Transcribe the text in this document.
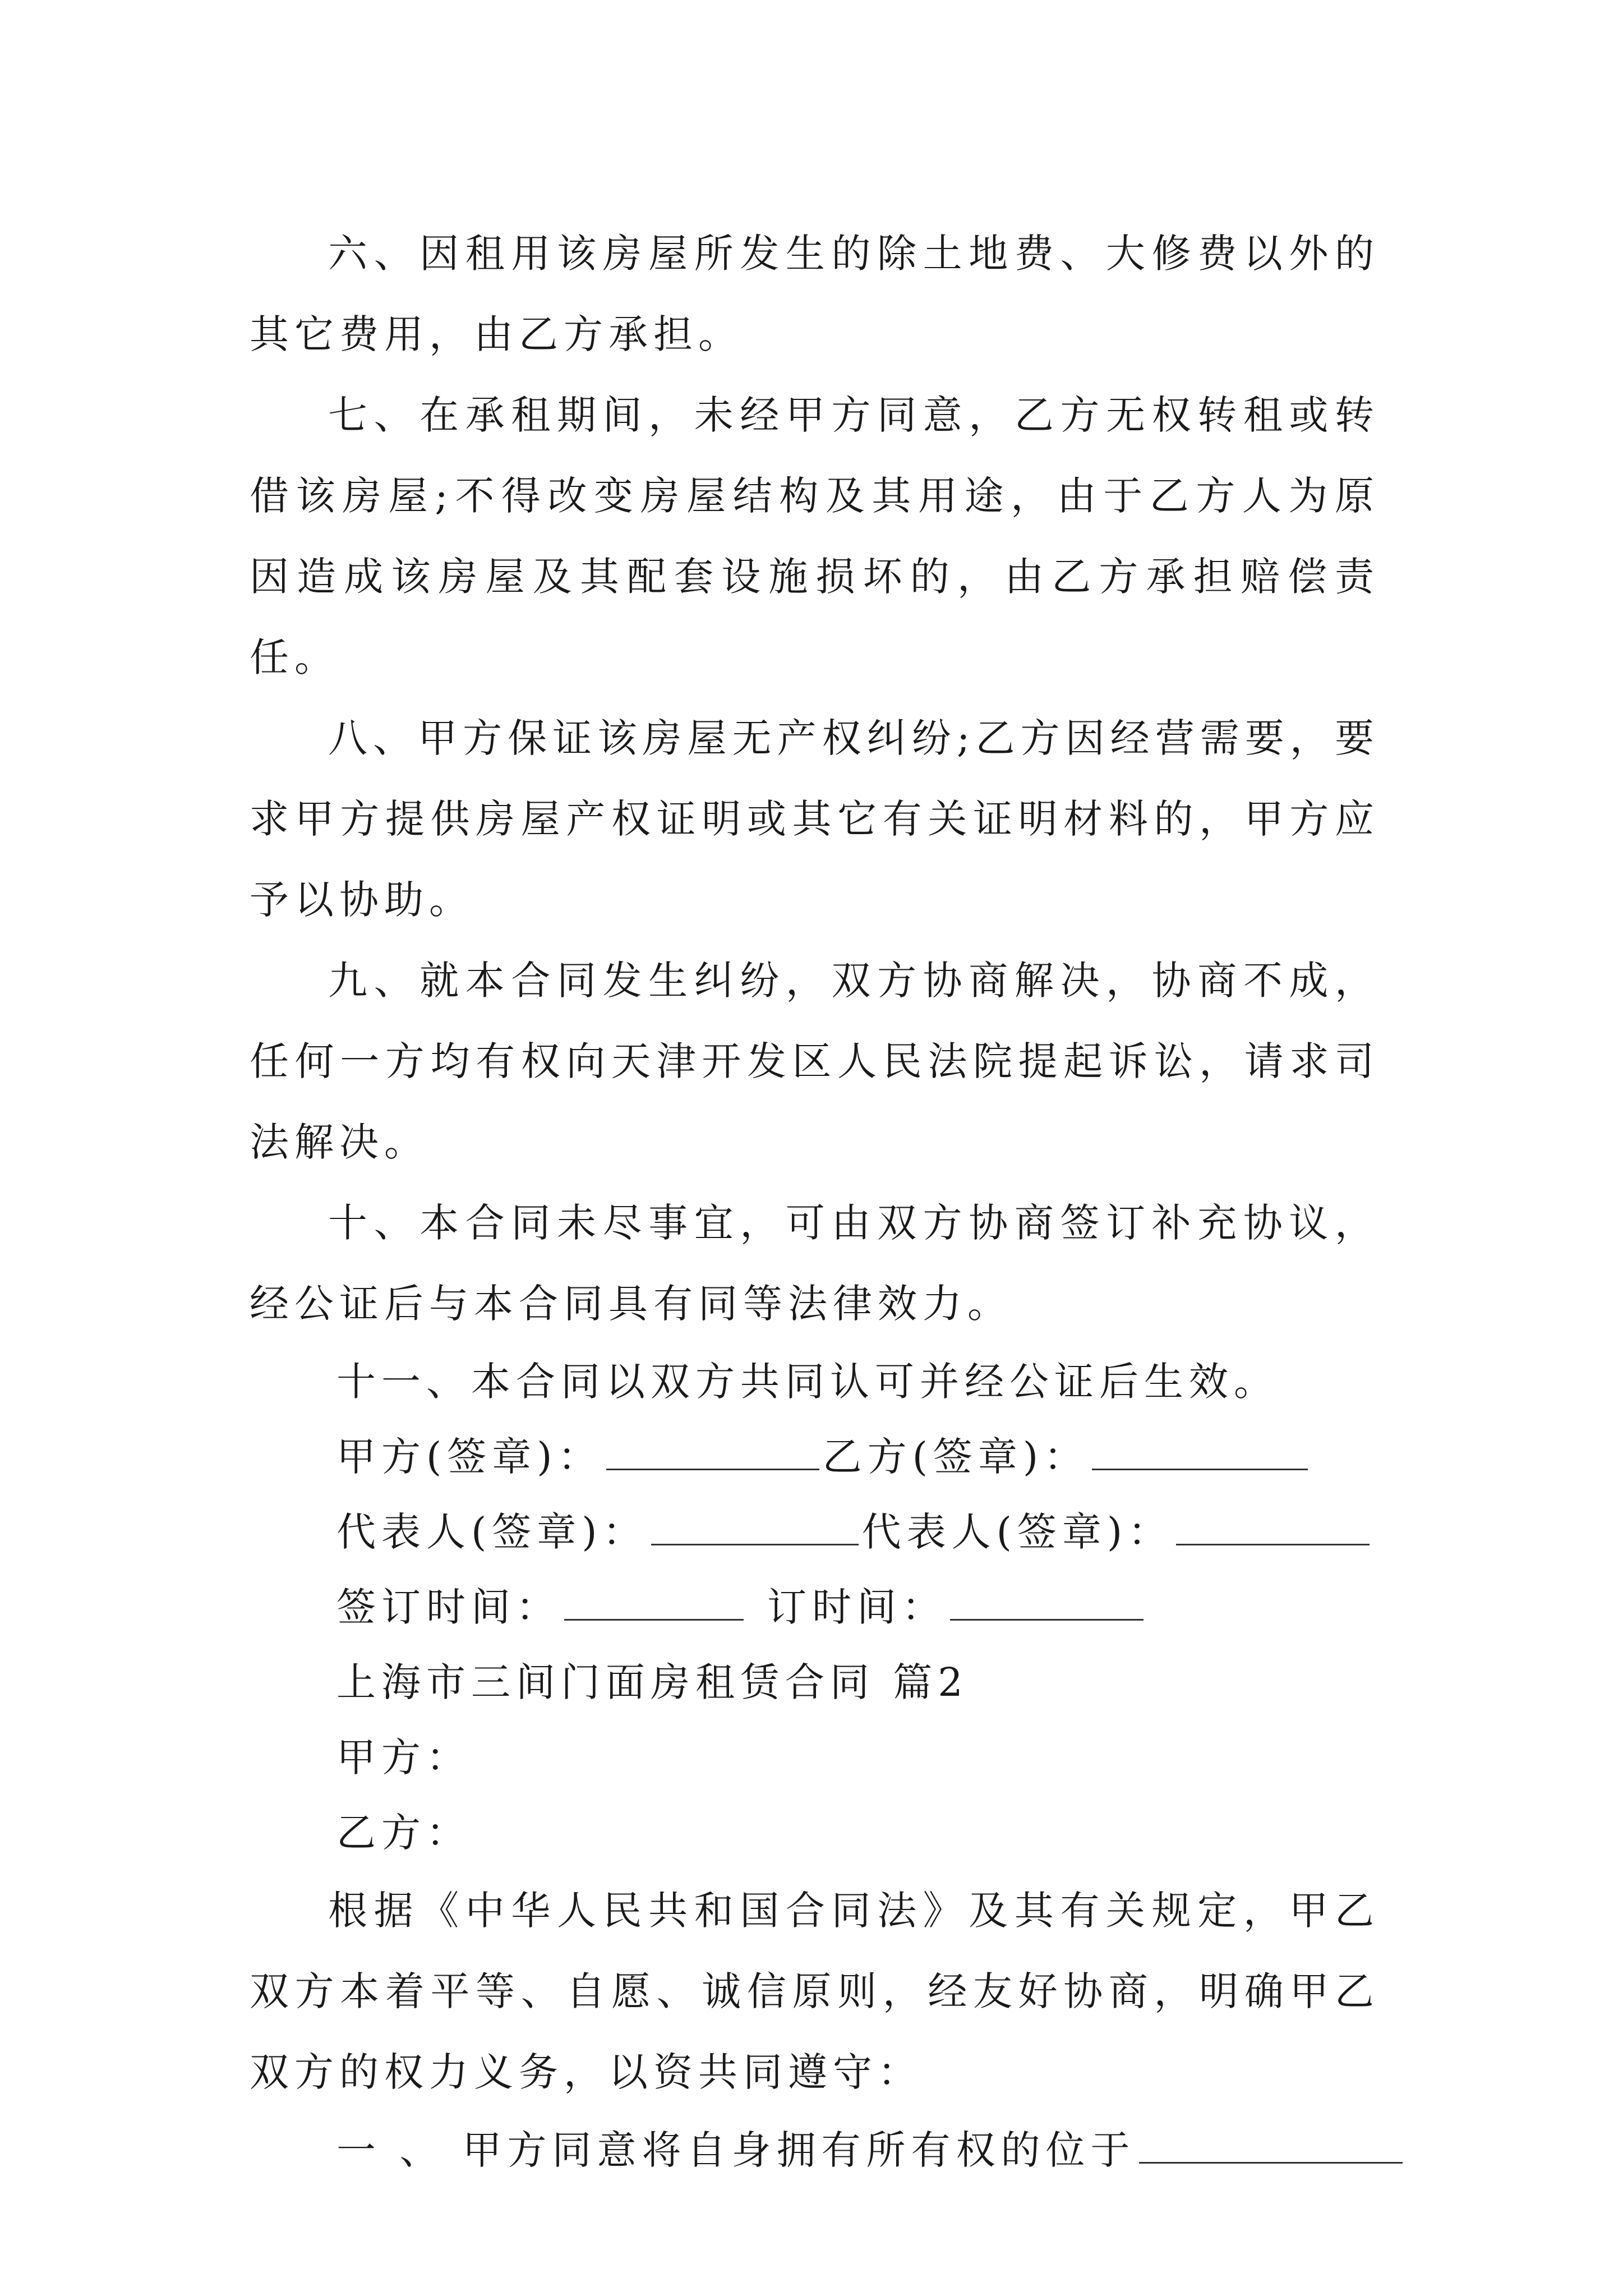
六、因租用该房屋所发生的除土地费、大修费以外的其它费用，由乙方承担。

七、在承租期间，未经甲方同意，乙方无权转租或转借该房屋;不得改变房屋结构及其用途，由于乙方人为原因造成该房屋及其配套设施损坏的，由乙方承担赔偿责任。

八、甲方保证该房屋无产权纠纷;乙方因经营需要，要求甲方提供房屋产权证明或其它有关证明材料的，甲方应予以协助。

九、就本合同发生纠纷，双方协商解决，协商不成，任何一方均有权向天津开发区人民法院提起诉讼，请求司法解决。

十、本合同未尽事宜，可由双方协商签订补充协议，经公证后与本合同具有同等法律效力。

十一、本合同以双方共同认可并经公证后生效。

甲方(签章)：	乙方(签章)：

代表人(签章)：	代表人(签章)：

签订时间：	订时间：

上海市三间门面房租赁合同 篇2

甲方：

乙方：

根据《中华人民共和国合同法》及其有关规定，甲乙双方本着平等、自愿、诚信原则，经友好协商，明确甲乙双方的权力义务，以资共同遵守：

一 、 甲方同意将自身拥有所有权的位于
